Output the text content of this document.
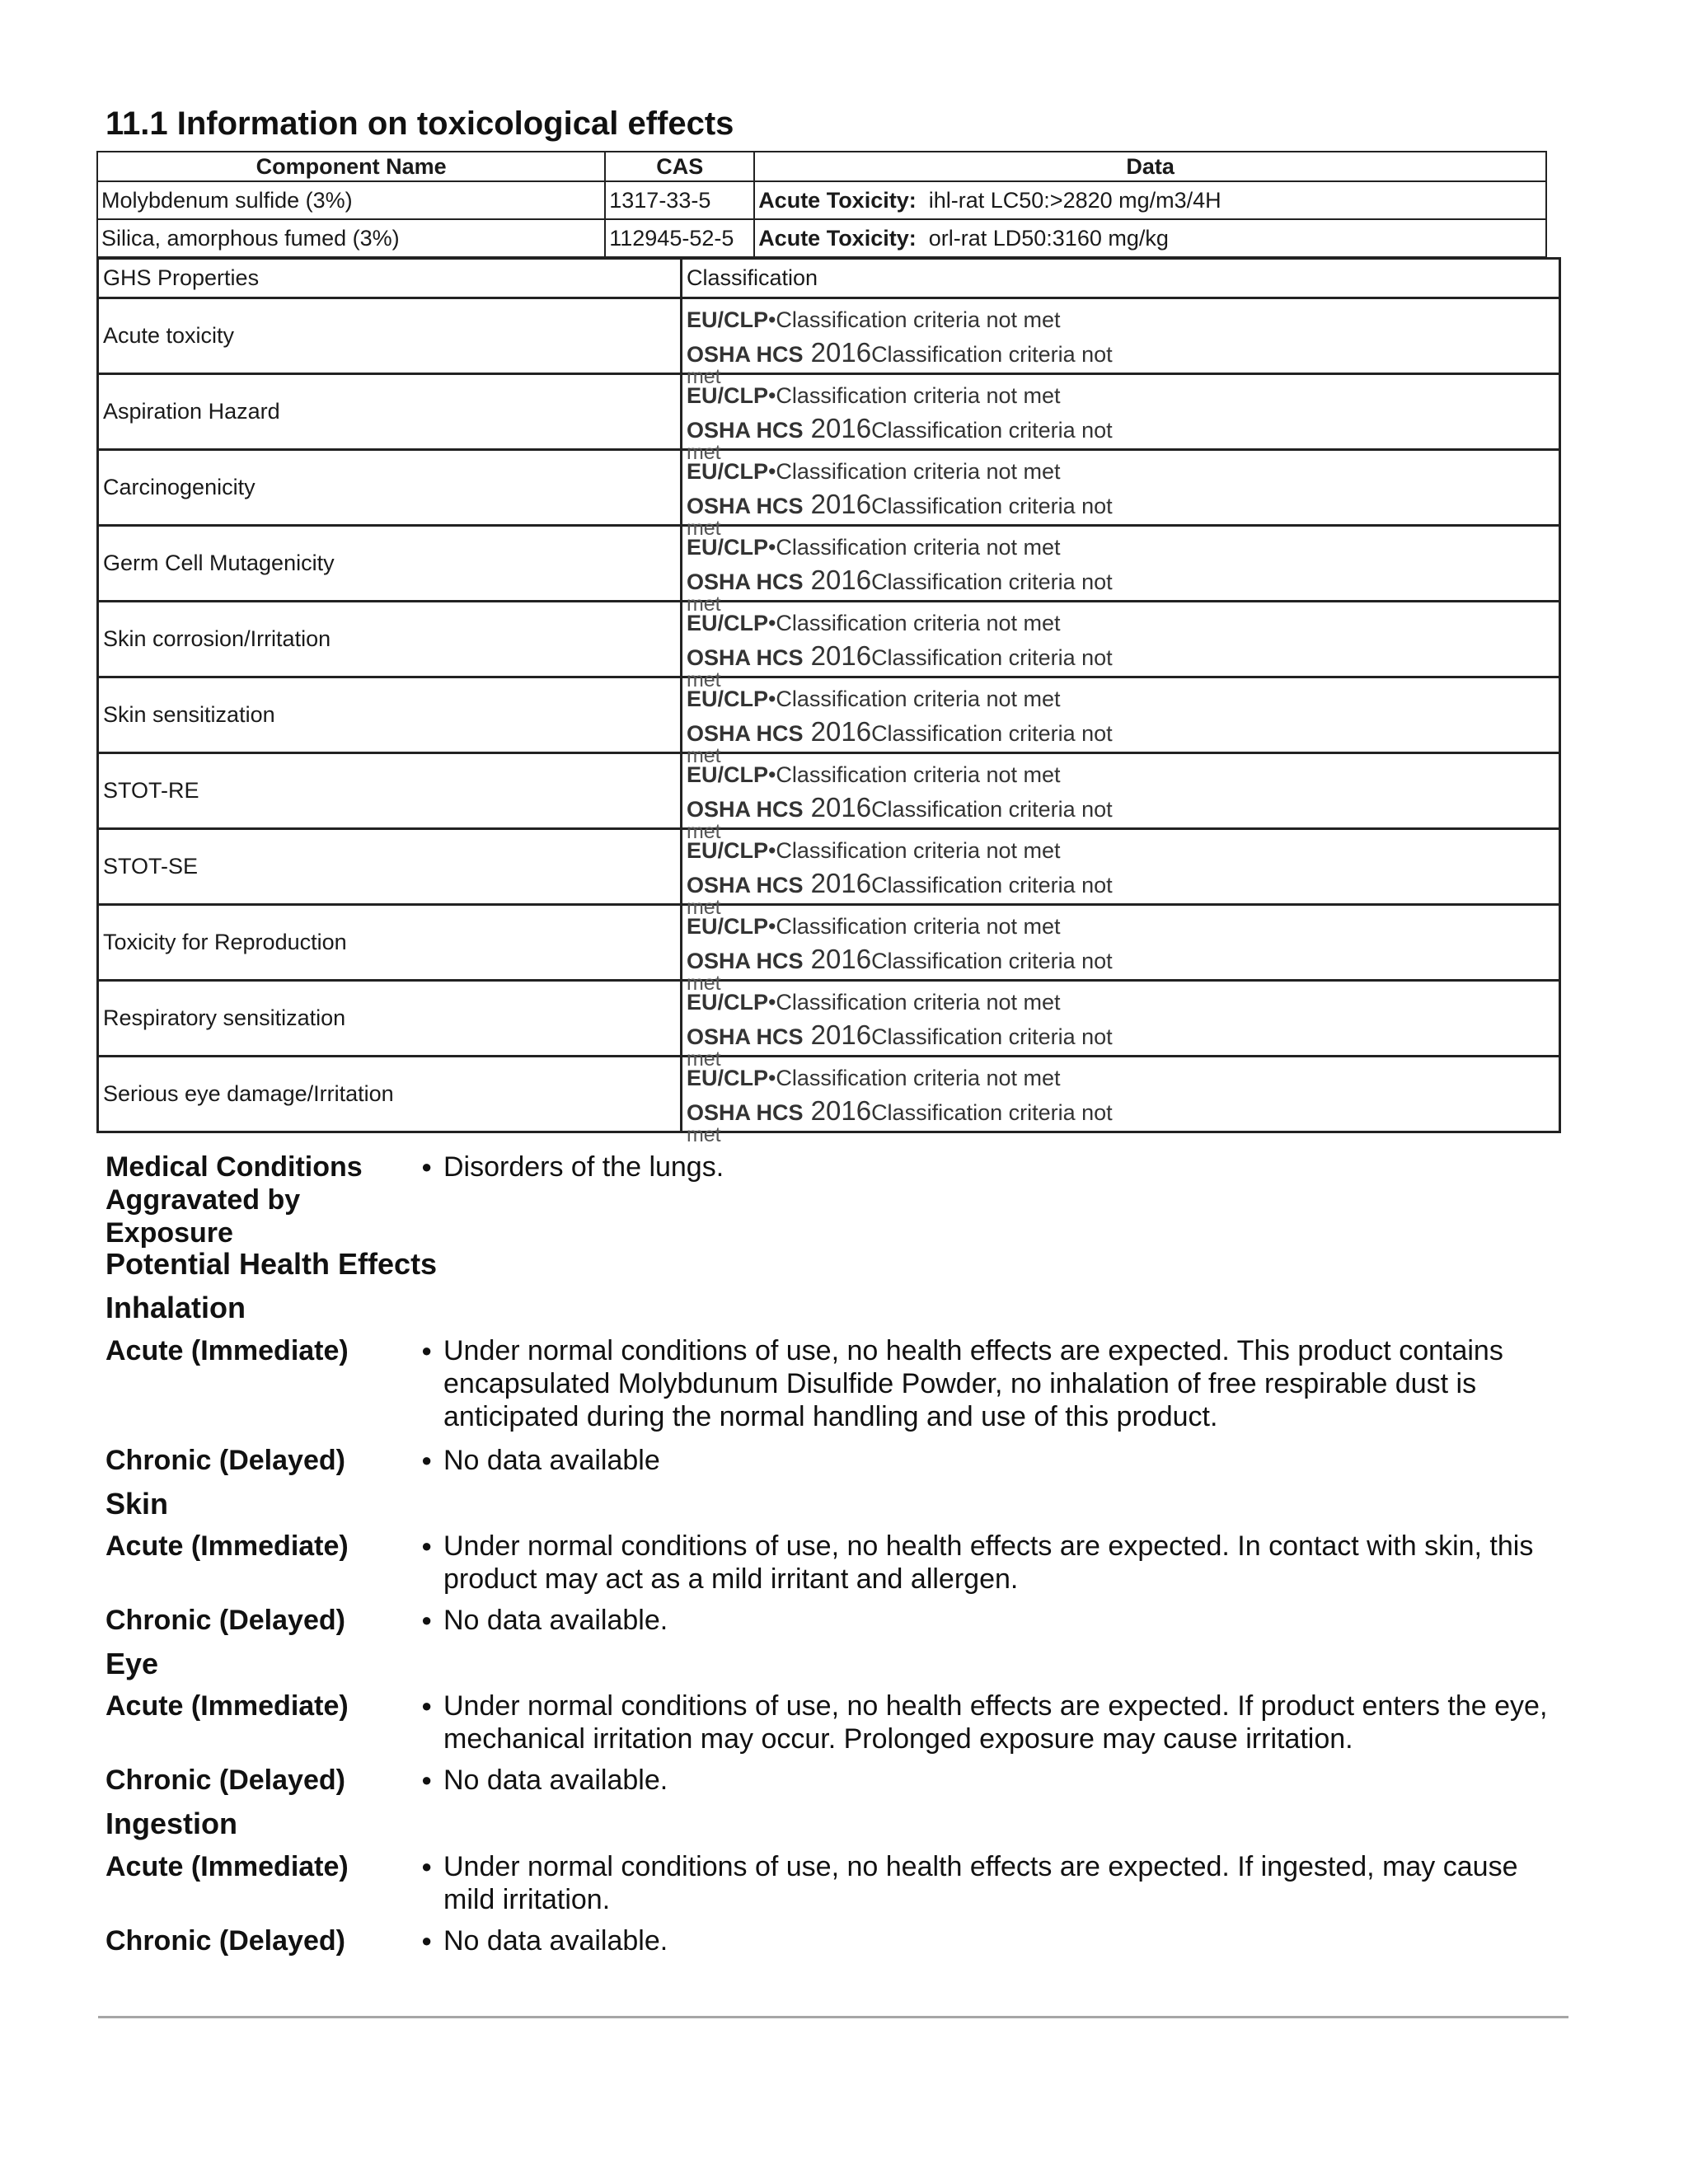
11.1 Information on toxicological effects
Component Name	CAS	Data
Molybdenum sulfide (3%)	1317-33-5	Acute Toxicity: ihl-rat LC50:>2820 mg/m3/4H
Silica, amorphous fumed (3%)	112945-52-5	Acute Toxicity: orl-rat LD50:3160 mg/kg
GHS Properties	Classification
Acute toxicity	EU/CLP•Classification criteria not met
OSHA HCS 2016Classification criteria not
met

Aspiration Hazard	EU/CLP•Classification criteria not met
OSHA HCS 2016Classification criteria not
met

Carcinogenicity	EU/CLP•Classification criteria not met
OSHA HCS 2016Classification criteria not
met

Germ Cell Mutagenicity	EU/CLP•Classification criteria not met
OSHA HCS 2016Classification criteria not
met

Skin corrosion/Irritation	EU/CLP•Classification criteria not met
OSHA HCS 2016Classification criteria not
met

Skin sensitization	EU/CLP•Classification criteria not met
OSHA HCS 2016Classification criteria not
met

STOT-RE	EU/CLP•Classification criteria not met
OSHA HCS 2016Classification criteria not
met

STOT-SE	EU/CLP•Classification criteria not met
OSHA HCS 2016Classification criteria not
met

Toxicity for Reproduction	EU/CLP•Classification criteria not met
OSHA HCS 2016Classification criteria not
met

Respiratory sensitization	EU/CLP•Classification criteria not met
OSHA HCS 2016Classification criteria not
met

Serious eye damage/Irritation	EU/CLP•Classification criteria not met
OSHA HCS 2016Classification criteria not
met
Medical Conditions
Aggravated by
Exposure
● Disorders of the lungs.
Potential Health Effects
Inhalation
Acute (Immediate)	● Under normal conditions of use, no health effects are expected. This product contains
encapsulated Molybdunum Disulfide Powder, no inhalation of free respirable dust is
anticipated during the normal handling and use of this product.
Chronic (Delayed)	● No data available
Skin
Acute (Immediate)	● Under normal conditions of use, no health effects are expected. In contact with skin, this
product may act as a mild irritant and allergen.
Chronic (Delayed)	● No data available.
Eye
Acute (Immediate)	● Under normal conditions of use, no health effects are expected. If product enters the eye,
mechanical irritation may occur. Prolonged exposure may cause irritation.
Chronic (Delayed)	● No data available.
Ingestion
Acute (Immediate)	● Under normal conditions of use, no health effects are expected. If ingested, may cause
mild irritation.
Chronic (Delayed)	● No data available.
